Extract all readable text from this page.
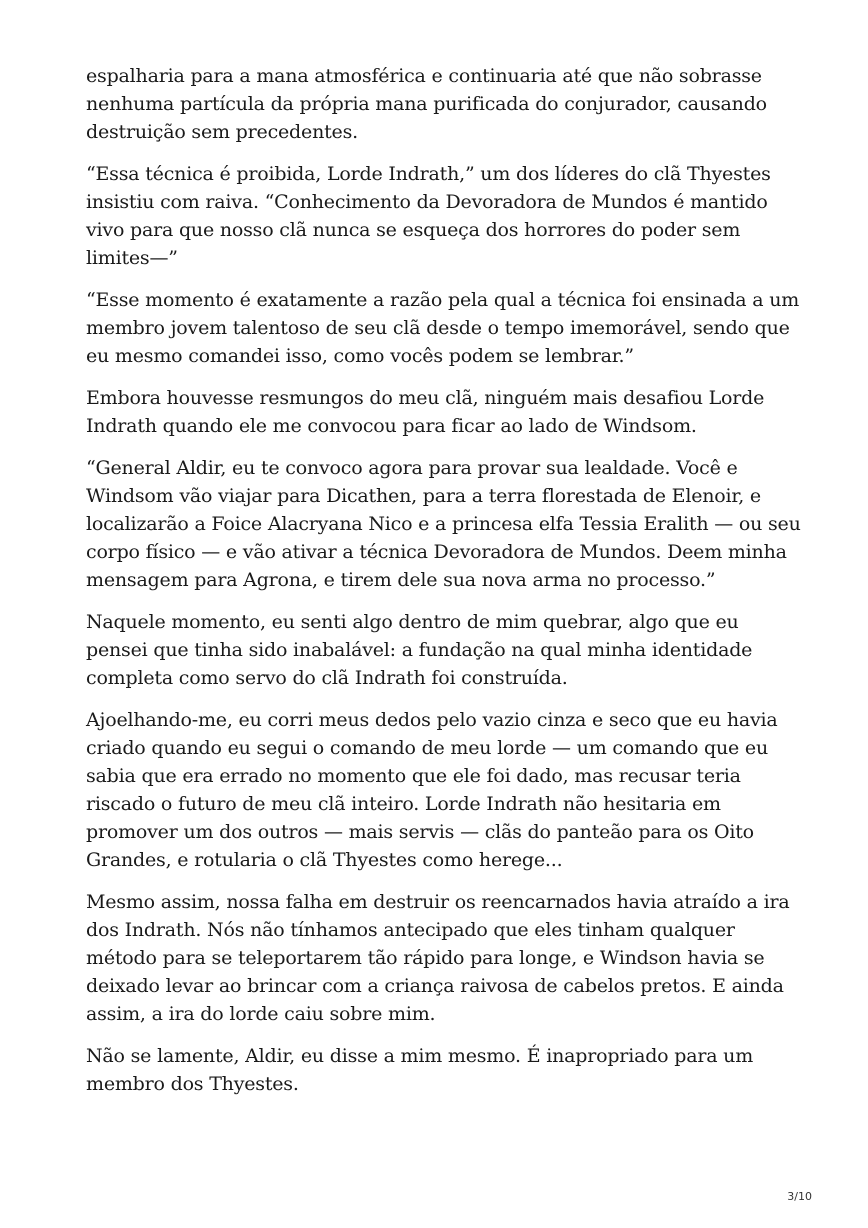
espalharia para a mana atmosférica e continuaria até que não sobrasse
nenhuma partícula da própria mana purificada do conjurador, causando
destruição sem precedentes.

“Essa técnica é proibida, Lorde Indrath,” um dos líderes do clã Thyestes
insistiu com raiva. “Conhecimento da Devoradora de Mundos é mantido
vivo para que nosso clã nunca se esqueça dos horrores do poder sem
limites—”

“Esse momento é exatamente a razão pela qual a técnica foi ensinada a um
membro jovem talentoso de seu clã desde o tempo imemorável, sendo que
eu mesmo comandei isso, como vocês podem se lembrar.”

Embora houvesse resmungos do meu clã, ninguém mais desafiou Lorde
Indrath quando ele me convocou para ficar ao lado de Windsom.

“General Aldir, eu te convoco agora para provar sua lealdade. Você e
Windsom vão viajar para Dicathen, para a terra florestada de Elenoir, e
localizarão a Foice Alacryana Nico e a princesa elfa Tessia Eralith — ou seu
corpo físico — e vão ativar a técnica Devoradora de Mundos. Deem minha
mensagem para Agrona, e tirem dele sua nova arma no processo.”

Naquele momento, eu senti algo dentro de mim quebrar, algo que eu
pensei que tinha sido inabalável: a fundação na qual minha identidade
completa como servo do clã Indrath foi construída.

Ajoelhando-me, eu corri meus dedos pelo vazio cinza e seco que eu havia
criado quando eu segui o comando de meu lorde — um comando que eu
sabia que era errado no momento que ele foi dado, mas recusar teria
riscado o futuro de meu clã inteiro. Lorde Indrath não hesitaria em
promover um dos outros — mais servis — clãs do panteão para os Oito
Grandes, e rotularia o clã Thyestes como herege...

Mesmo assim, nossa falha em destruir os reencarnados havia atraído a ira
dos Indrath. Nós não tínhamos antecipado que eles tinham qualquer
método para se teleportarem tão rápido para longe, e Windson havia se
deixado levar ao brincar com a criança raivosa de cabelos pretos. E ainda
assim, a ira do lorde caiu sobre mim.

Não se lamente, Aldir, eu disse a mim mesmo. É inapropriado para um
membro dos Thyestes.

3/10
